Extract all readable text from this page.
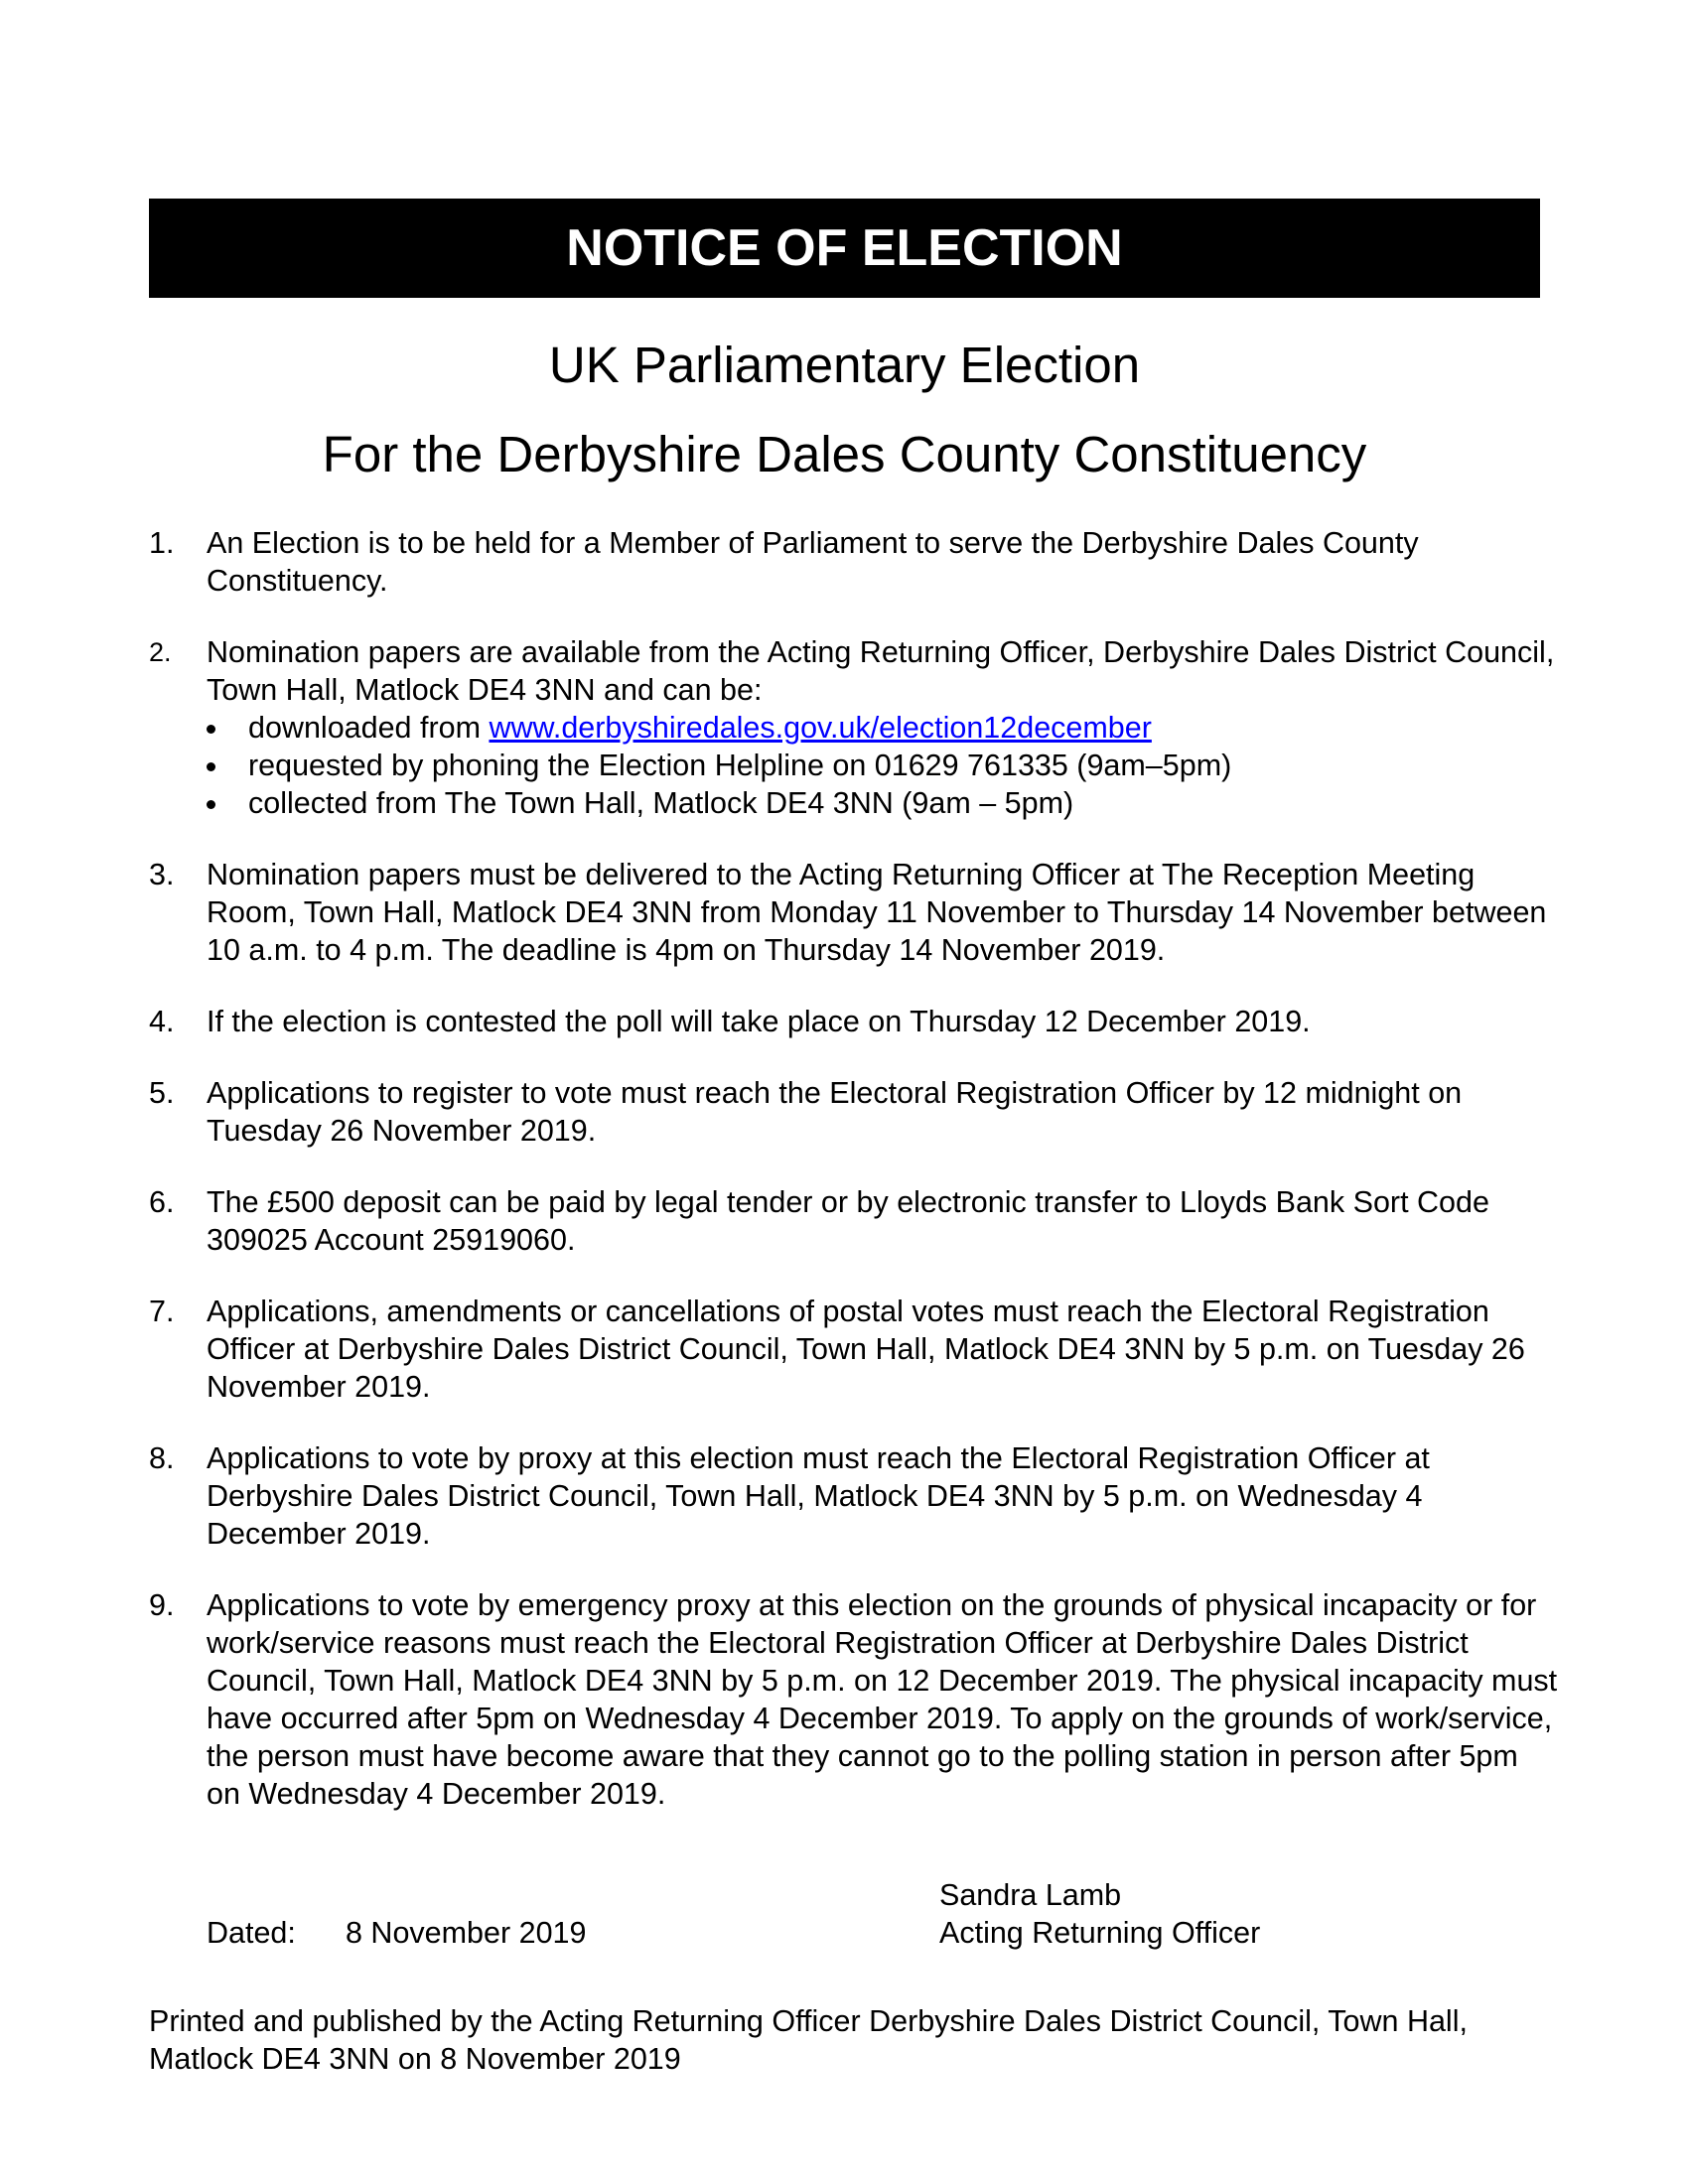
NOTICE OF ELECTION
UK Parliamentary Election
For the Derbyshire Dales County Constituency
1.	An Election is to be held for a Member of Parliament to serve the Derbyshire Dales County Constituency.
2.	Nomination papers are available from the Acting Returning Officer, Derbyshire Dales District Council, Town Hall, Matlock DE4 3NN and can be:
downloaded from www.derbyshiredales.gov.uk/election12december
requested by phoning the Election Helpline on 01629 761335 (9am–5pm)
collected from The Town Hall, Matlock DE4 3NN (9am – 5pm)
3.	Nomination papers must be delivered to the Acting Returning Officer at The Reception Meeting Room, Town Hall, Matlock DE4 3NN from Monday 11 November to Thursday 14 November between 10 a.m. to 4 p.m. The deadline is 4pm on Thursday 14 November 2019.
4.	If the election is contested the poll will take place on Thursday 12 December 2019.
5.	Applications to register to vote must reach the Electoral Registration Officer by 12 midnight on Tuesday 26 November 2019.
6.	The £500 deposit can be paid by legal tender or by electronic transfer to Lloyds Bank Sort Code 309025 Account 25919060.
7.	Applications, amendments or cancellations of postal votes must reach the Electoral Registration Officer at Derbyshire Dales District Council, Town Hall, Matlock DE4 3NN by 5 p.m. on Tuesday 26 November 2019.
8.	Applications to vote by proxy at this election must reach the Electoral Registration Officer at Derbyshire Dales District Council, Town Hall, Matlock DE4 3NN by 5 p.m. on Wednesday 4 December 2019.
9.	Applications to vote by emergency proxy at this election on the grounds of physical incapacity or for work/service reasons must reach the Electoral Registration Officer at Derbyshire Dales District Council, Town Hall, Matlock DE4 3NN by 5 p.m. on 12 December 2019. The physical incapacity must have occurred after 5pm on Wednesday 4 December 2019. To apply on the grounds of work/service, the person must have become aware that they cannot go to the polling station in person after 5pm on Wednesday 4 December 2019.
Sandra Lamb
Dated: 8 November 2019	Acting Returning Officer
Printed and published by the Acting Returning Officer Derbyshire Dales District Council, Town Hall, Matlock DE4 3NN on 8 November 2019
